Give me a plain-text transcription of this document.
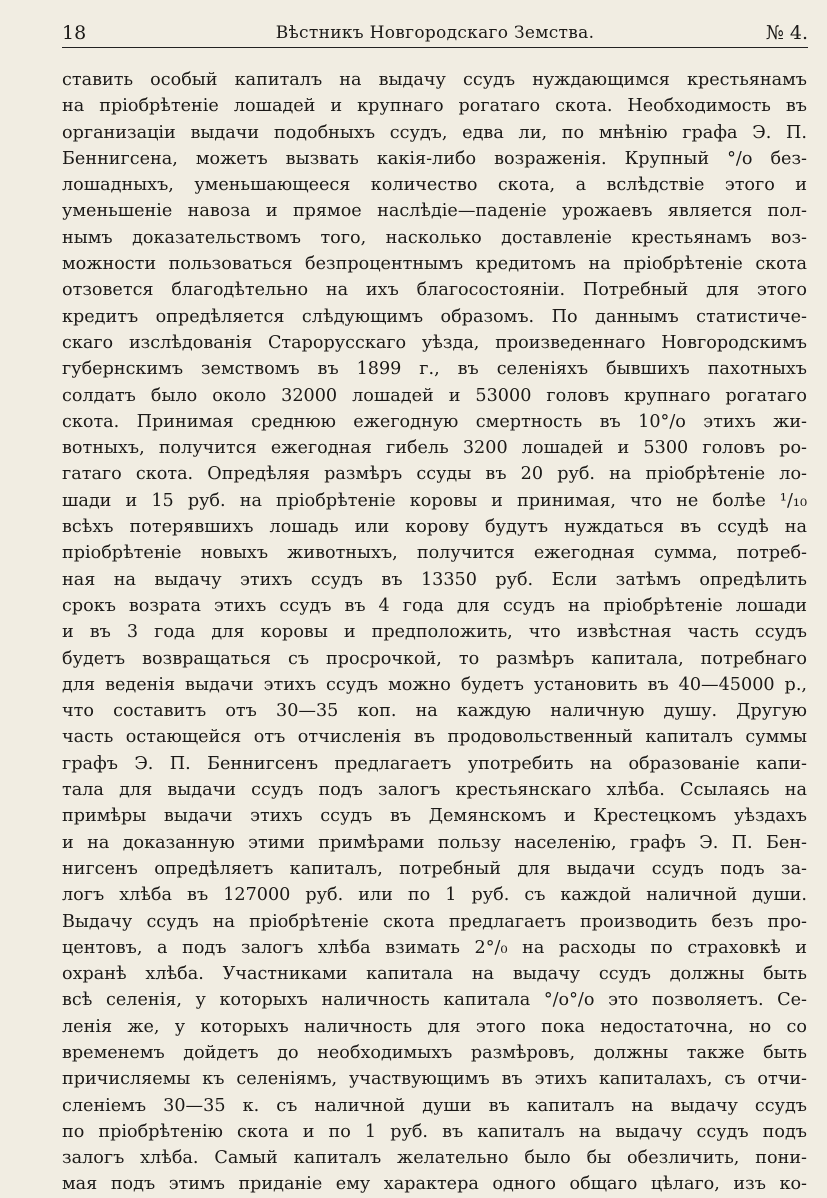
18	Вѣстникъ Новгородскаго Земства.	№ 4.
ставить особый капиталъ на выдачу ссудъ нуждающимся крестьянамъ
на пріобрѣтеніе лошадей и крупнаго рогатаго скота. Необходимость въ
организаціи выдачи подобныхъ ссудъ, едва ли, по мнѣнію графа Э. П.
Беннигсена, можетъ вызвать какія-либо возраженія. Крупный °/о без-
лошадныхъ, уменьшающееся количество скота, а вслѣдствіе этого и
уменьшеніе навоза и прямое наслѣдіе—паденіе урожаевъ является пол-
нымъ доказательствомъ того, насколько доставленіе крестьянамъ воз-
можности пользоваться безпроцентнымъ кредитомъ на пріобрѣтеніе скота
отзовется благодѣтельно на ихъ благосостояніи. Потребный для этого
кредитъ опредѣляется слѣдующимъ образомъ. По даннымъ статистиче-
скаго изслѣдованія Старорусскаго уѣзда, произведеннаго Новгородскимъ
губернскимъ земствомъ въ 1899 г., въ селеніяхъ бывшихъ пахотныхъ
солдатъ было около 32000 лошадей и 53000 головъ крупнаго рогатаго
скота. Принимая среднюю ежегодную смертность въ 10°/о этихъ жи-
вотныхъ, получится ежегодная гибель 3200 лошадей и 5300 головъ ро-
гатаго скота. Опредѣляя размѣръ ссуды въ 20 руб. на пріобрѣтеніе ло-
шади и 15 руб. на пріобрѣтеніе коровы и принимая, что не болѣе ¹/₁₀
всѣхъ потерявшихъ лошадь или корову будутъ нуждаться въ ссудѣ на
пріобрѣтеніе новыхъ животныхъ, получится ежегодная сумма, потреб-
ная на выдачу этихъ ссудъ въ 13350 руб. Если затѣмъ опредѣлить
срокъ возрата этихъ ссудъ въ 4 года для ссудъ на пріобрѣтеніе лошади
и въ 3 года для коровы и предположить, что извѣстная часть ссудъ
будетъ возвращаться съ просрочкой, то размѣръ капитала, потребнаго
для веденія выдачи этихъ ссудъ можно будетъ установить въ 40—45000 р.,
что составитъ отъ 30—35 коп. на каждую наличную душу. Другую
часть остающейся отъ отчисленія въ продовольственный капиталъ суммы
графъ Э. П. Беннигсенъ предлагаетъ употребить на образованіе капи-
тала для выдачи ссудъ подъ залогъ крестьянскаго хлѣба. Ссылаясь на
примѣры выдачи этихъ ссудъ въ Демянскомъ и Крестецкомъ уѣздахъ
и на доказанную этими примѣрами пользу населенію, графъ Э. П. Бен-
нигсенъ опредѣляетъ капиталъ, потребный для выдачи ссудъ подъ за-
логъ хлѣба въ 127000 руб. или по 1 руб. съ каждой наличной души.
Выдачу ссудъ на пріобрѣтеніе скота предлагаетъ производить безъ про-
центовъ, а подъ залогъ хлѣба взимать 2°/₀ на расходы по страховкѣ и
охранѣ хлѣба. Участниками капитала на выдачу ссудъ должны быть
всѣ селенія, у которыхъ наличность капитала °/о°/о это позволяетъ. Се-
ленія же, у которыхъ наличность для этого пока недостаточна, но со
временемъ дойдетъ до необходимыхъ размѣровъ, должны также быть
причисляемы къ селеніямъ, участвующимъ въ этихъ капиталахъ, съ отчи-
сленіемъ 30—35 к. съ наличной души въ капиталъ на выдачу ссудъ
по пріобрѣтенію скота и по 1 руб. въ капиталъ на выдачу ссудъ подъ
залогъ хлѣба. Самый капиталъ желательно было бы обезличить, пони-
мая подъ этимъ приданіе ему характера одного общаго цѣлаго, изъ ко-
